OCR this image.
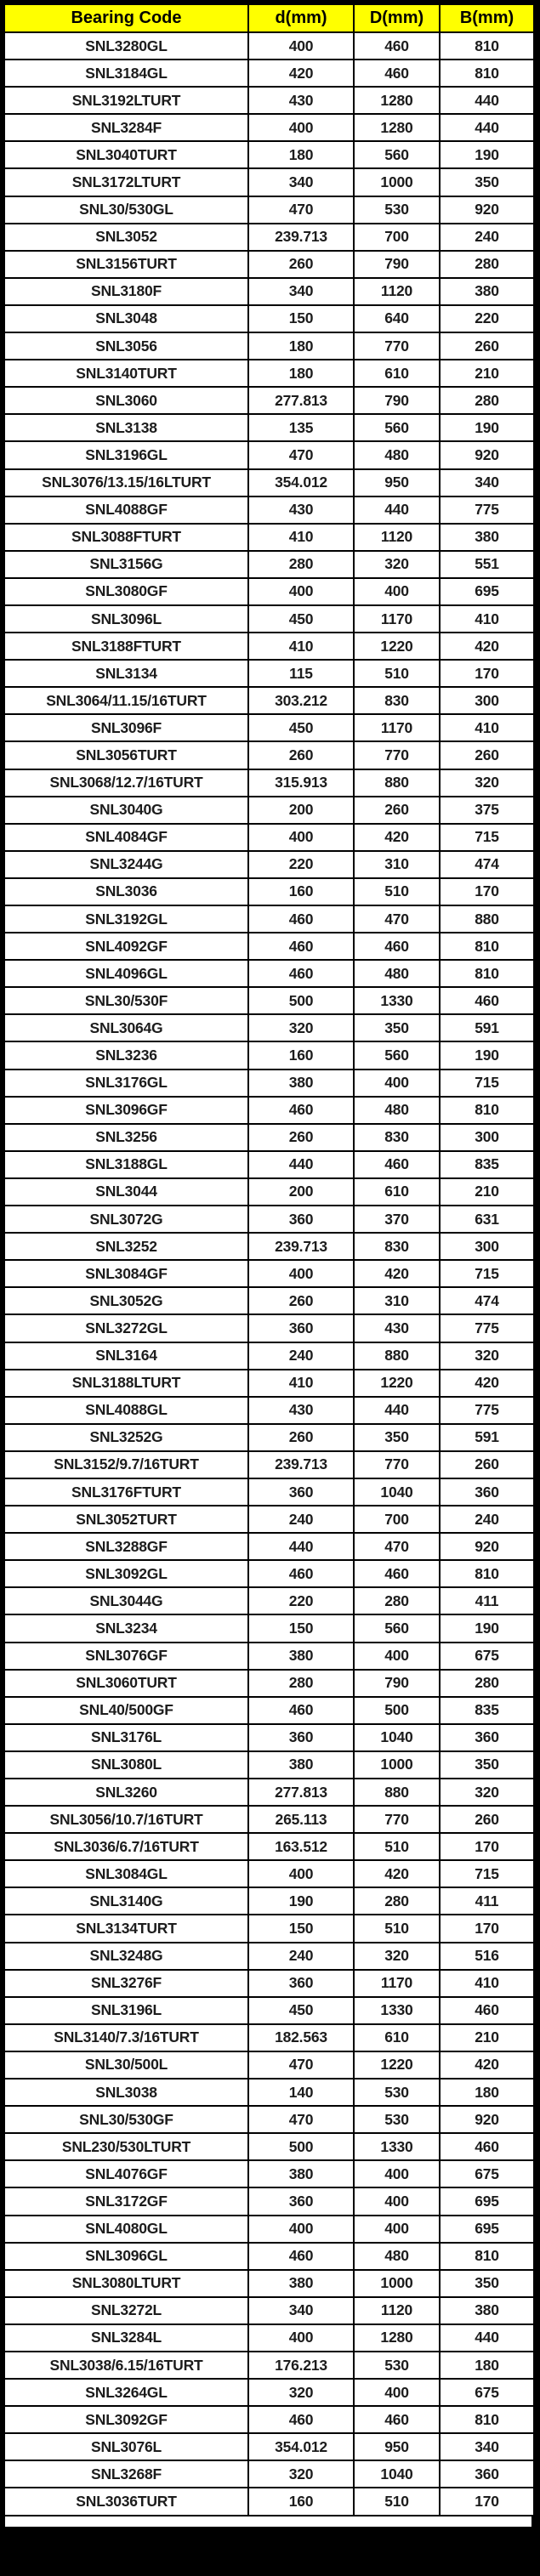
Bearing Code	d(mm)	D(mm)	B(mm)
SNL3280GL	400	460	810
SNL3184GL	420	460	810
SNL3192LTURT	430	1280	440
SNL3284F	400	1280	440
SNL3040TURT	180	560	190
SNL3172LTURT	340	1000	350
SNL30/530GL	470	530	920
SNL3052	239.713	700	240
SNL3156TURT	260	790	280
SNL3180F	340	1120	380
SNL3048	150	640	220
SNL3056	180	770	260
SNL3140TURT	180	610	210
SNL3060	277.813	790	280
SNL3138	135	560	190
SNL3196GL	470	480	920
SNL3076/13.15/16LTURT	354.012	950	340
SNL4088GF	430	440	775
SNL3088FTURT	410	1120	380
SNL3156G	280	320	551
SNL3080GF	400	400	695
SNL3096L	450	1170	410
SNL3188FTURT	410	1220	420
SNL3134	115	510	170
SNL3064/11.15/16TURT	303.212	830	300
SNL3096F	450	1170	410
SNL3056TURT	260	770	260
SNL3068/12.7/16TURT	315.913	880	320
SNL3040G	200	260	375
SNL4084GF	400	420	715
SNL3244G	220	310	474
SNL3036	160	510	170
SNL3192GL	460	470	880
SNL4092GF	460	460	810
SNL4096GL	460	480	810
SNL30/530F	500	1330	460
SNL3064G	320	350	591
SNL3236	160	560	190
SNL3176GL	380	400	715
SNL3096GF	460	480	810
SNL3256	260	830	300
SNL3188GL	440	460	835
SNL3044	200	610	210
SNL3072G	360	370	631
SNL3252	239.713	830	300
SNL3084GF	400	420	715
SNL3052G	260	310	474
SNL3272GL	360	430	775
SNL3164	240	880	320
SNL3188LTURT	410	1220	420
SNL4088GL	430	440	775
SNL3252G	260	350	591
SNL3152/9.7/16TURT	239.713	770	260
SNL3176FTURT	360	1040	360
SNL3052TURT	240	700	240
SNL3288GF	440	470	920
SNL3092GL	460	460	810
SNL3044G	220	280	411
SNL3234	150	560	190
SNL3076GF	380	400	675
SNL3060TURT	280	790	280
SNL40/500GF	460	500	835
SNL3176L	360	1040	360
SNL3080L	380	1000	350
SNL3260	277.813	880	320
SNL3056/10.7/16TURT	265.113	770	260
SNL3036/6.7/16TURT	163.512	510	170
SNL3084GL	400	420	715
SNL3140G	190	280	411
SNL3134TURT	150	510	170
SNL3248G	240	320	516
SNL3276F	360	1170	410
SNL3196L	450	1330	460
SNL3140/7.3/16TURT	182.563	610	210
SNL30/500L	470	1220	420
SNL3038	140	530	180
SNL30/530GF	470	530	920
SNL230/530LTURT	500	1330	460
SNL4076GF	380	400	675
SNL3172GF	360	400	695
SNL4080GL	400	400	695
SNL3096GL	460	480	810
SNL3080LTURT	380	1000	350
SNL3272L	340	1120	380
SNL3284L	400	1280	440
SNL3038/6.15/16TURT	176.213	530	180
SNL3264GL	320	400	675
SNL3092GF	460	460	810
SNL3076L	354.012	950	340
SNL3268F	320	1040	360
SNL3036TURT	160	510	170
